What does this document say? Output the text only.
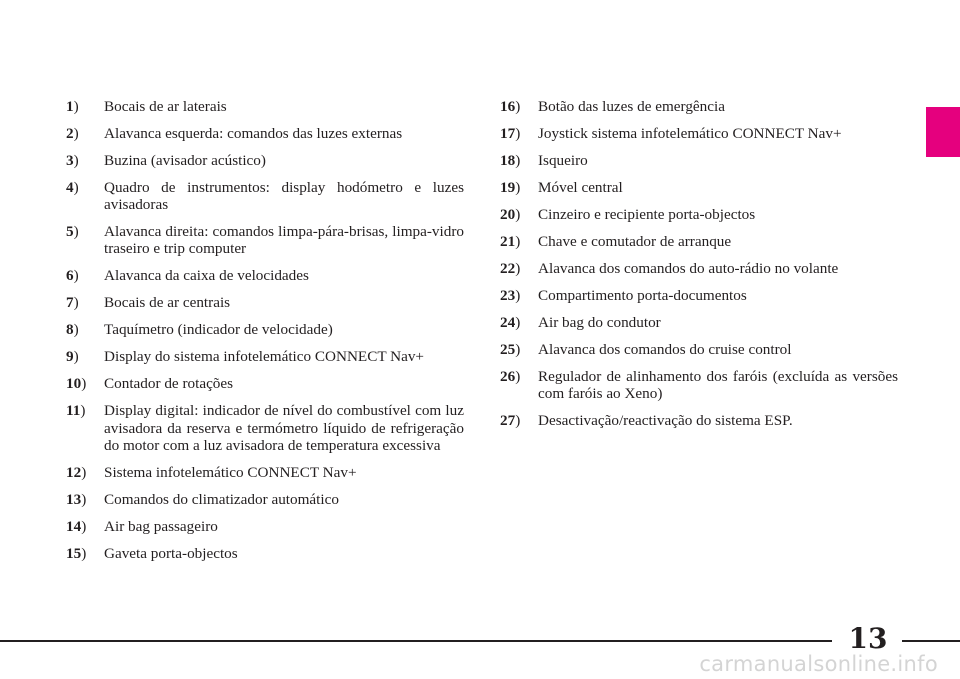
1)	Bocais de ar laterais
2)	Alavanca esquerda: comandos das luzes externas
3)	Buzina (avisador acústico)
4)	Quadro de instrumentos: display hodómetro e luzes avisadoras
5)	Alavanca direita: comandos limpa-pára-brisas, limpa-vidro traseiro e trip computer
6)	Alavanca da caixa de velocidades
7)	Bocais de ar centrais
8)	Taquímetro (indicador de velocidade)
9)	Display do sistema infotelemático CONNECT Nav+
10)	Contador de rotações
11)	Display digital: indicador de nível do combustível com luz avisadora da reserva e termómetro líquido de refrigeração do motor com a luz avisadora de temperatura excessiva
12)	Sistema infotelemático CONNECT Nav+
13)	Comandos do climatizador automático
14)	Air bag passageiro
15)	Gaveta porta-objectos
16)	Botão das luzes de emergência
17)	Joystick sistema infotelemático CONNECT Nav+
18)	Isqueiro
19)	Móvel central
20)	Cinzeiro e recipiente porta-objectos
21)	Chave e comutador de arranque
22)	Alavanca dos comandos do auto-rádio no volante
23)	Compartimento porta-documentos
24)	Air bag do condutor
25)	Alavanca dos comandos do cruise control
26)	Regulador de alinhamento dos faróis (excluída as versões com faróis ao Xeno)
27)	Desactivação/reactivação do sistema ESP.
13
carmanualsonline.info
